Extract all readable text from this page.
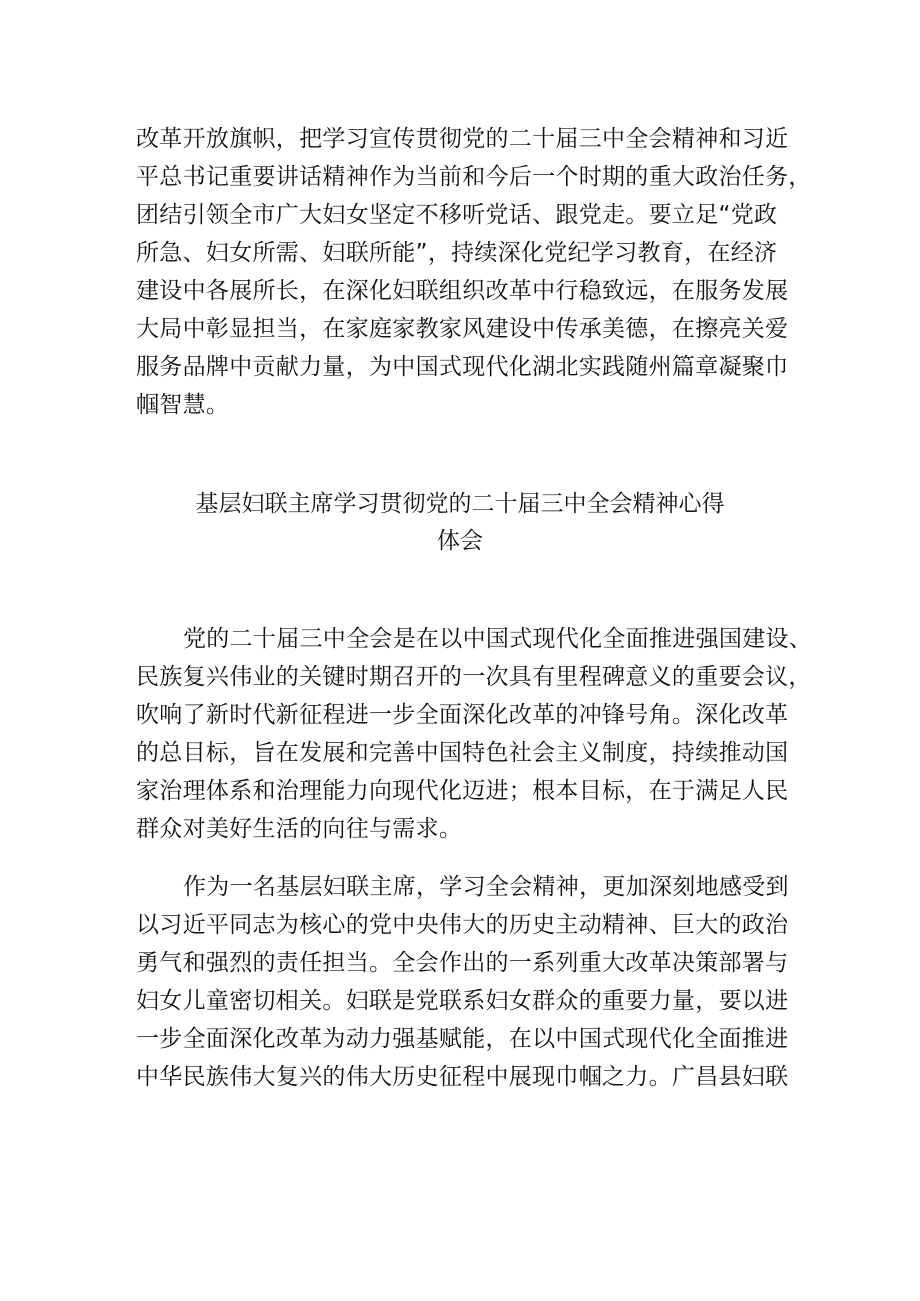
改革开放旗帜，把学习宣传贯彻党的二十届三中全会精神和习近
平总书记重要讲话精神作为当前和今后一个时期的重大政治任务，
团结引领全市广大妇女坚定不移听党话、跟党走。要立足“党政
所急、妇女所需、妇联所能”，持续深化党纪学习教育，在经济
建设中各展所长，在深化妇联组织改革中行稳致远，在服务发展
大局中彰显担当，在家庭家教家风建设中传承美德，在擦亮关爱
服务品牌中贡献力量，为中国式现代化湖北实践随州篇章凝聚巾
帼智慧。
基层妇联主席学习贯彻党的二十届三中全会精神心得
体会
党的二十届三中全会是在以中国式现代化全面推进强国建设、
民族复兴伟业的关键时期召开的一次具有里程碑意义的重要会议，
吹响了新时代新征程进一步全面深化改革的冲锋号角。深化改革
的总目标，旨在发展和完善中国特色社会主义制度，持续推动国
家治理体系和治理能力向现代化迈进；根本目标，在于满足人民
群众对美好生活的向往与需求。
作为一名基层妇联主席，学习全会精神，更加深刻地感受到
以习近平同志为核心的党中央伟大的历史主动精神、巨大的政治
勇气和强烈的责任担当。全会作出的一系列重大改革决策部署与
妇女儿童密切相关。妇联是党联系妇女群众的重要力量，要以进
一步全面深化改革为动力强基赋能，在以中国式现代化全面推进
中华民族伟大复兴的伟大历史征程中展现巾帼之力。广昌县妇联
